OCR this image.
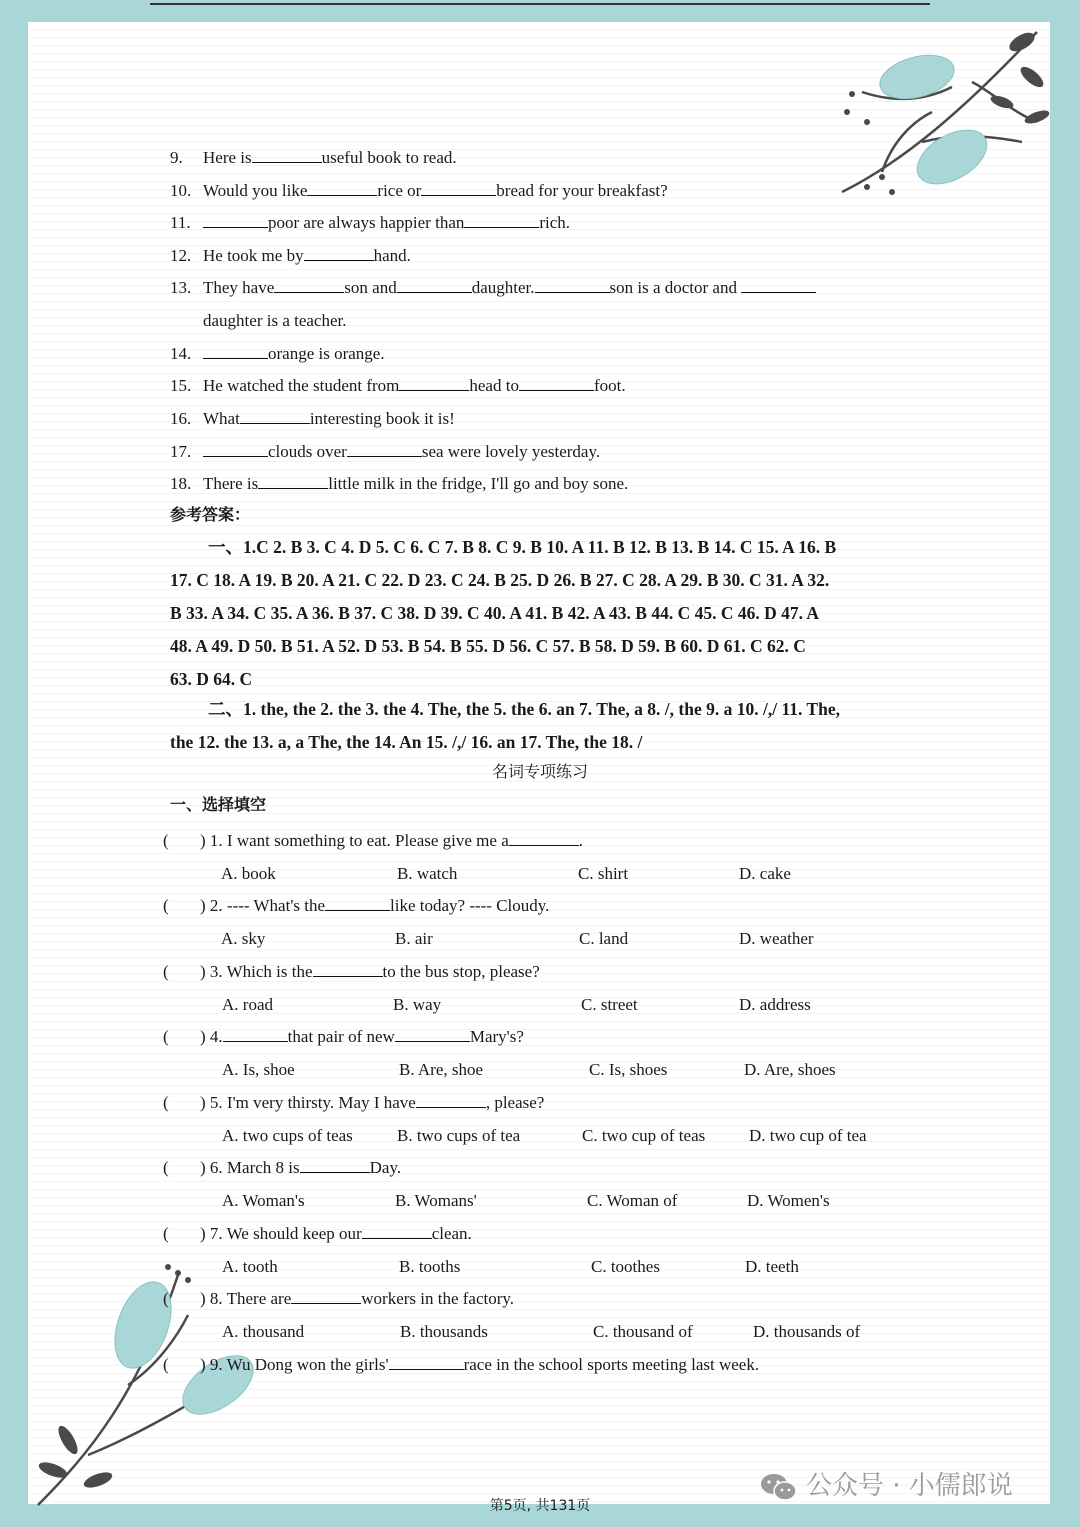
9. Here is	useful book to read.
10. Would you like	rice or	bread for your breakfast?
11.	poor are always happier than	rich.
12. He took me by	hand.
13. They have	son and	daughter.	son is a doctor and
daughter is a teacher.
14.	orange is orange.
15. He watched the student from	head to	foot.
16. What	interesting book it is!
17.	clouds over	sea were lovely yesterday.
18. There is	little milk in the fridge, I'll go and boy sone.
参考答案：
一、1.C 2. B 3. C 4. D 5. C 6. C 7. B 8. C 9. B 10. A 11. B 12. B 13. B 14. C 15. A 16. B
17. C 18. A 19. B 20. A 21. C 22. D 23. C 24. B 25. D 26. B 27. C 28. A 29. B 30. C 31. A 32.
B 33. A 34. C 35. A 36. B 37. C 38. D 39. C 40. A 41. B 42. A 43. B 44. C 45. C 46. D 47. A
48. A 49. D 50. B 51. A 52. D 53. B 54. B 55. D 56. C 57. B 58. D 59. B 60. D 61. C 62. C
63. D 64. C
二、1. the, the 2. the 3. the 4. The, the 5. the 6. an 7. The, a 8. /, the 9. a 10. /,/ 11. The,
the 12. the 13. a, a The, the 14. An 15. /,/ 16. an 17. The, the 18. /
名词专项练习
一、选择填空
( ) 1. I want something to eat. Please give me a	.
A. book	B. watch	C. shirt	D. cake
( ) 2. ---- What's the	like today? ---- Cloudy.
A. sky	B. air	C. land	D. weather
( ) 3. Which is the	to the bus stop, please?
A. road	B. way	C. street	D. address
( ) 4.	that pair of new	Mary's?
A. Is, shoe	B. Are, shoe	C. Is, shoes	D. Are, shoes
( ) 5. I'm very thirsty. May I have	, please?
A. two cups of teas	B. two cups of tea	C. two cup of teas	D. two cup of tea
( ) 6. March 8 is	Day.
A. Woman's	B. Womans'	C. Woman of	D. Women's
( ) 7. We should keep our	clean.
A. tooth	B. tooths	C. toothes	D. teeth
( ) 8. There are	workers in the factory.
A. thousand	B. thousands	C. thousand of	D. thousands of
( ) 9. Wu Dong won the girls'	race in the school sports meeting last week.
公众号 · 小儒郎说
第5页, 共131页
